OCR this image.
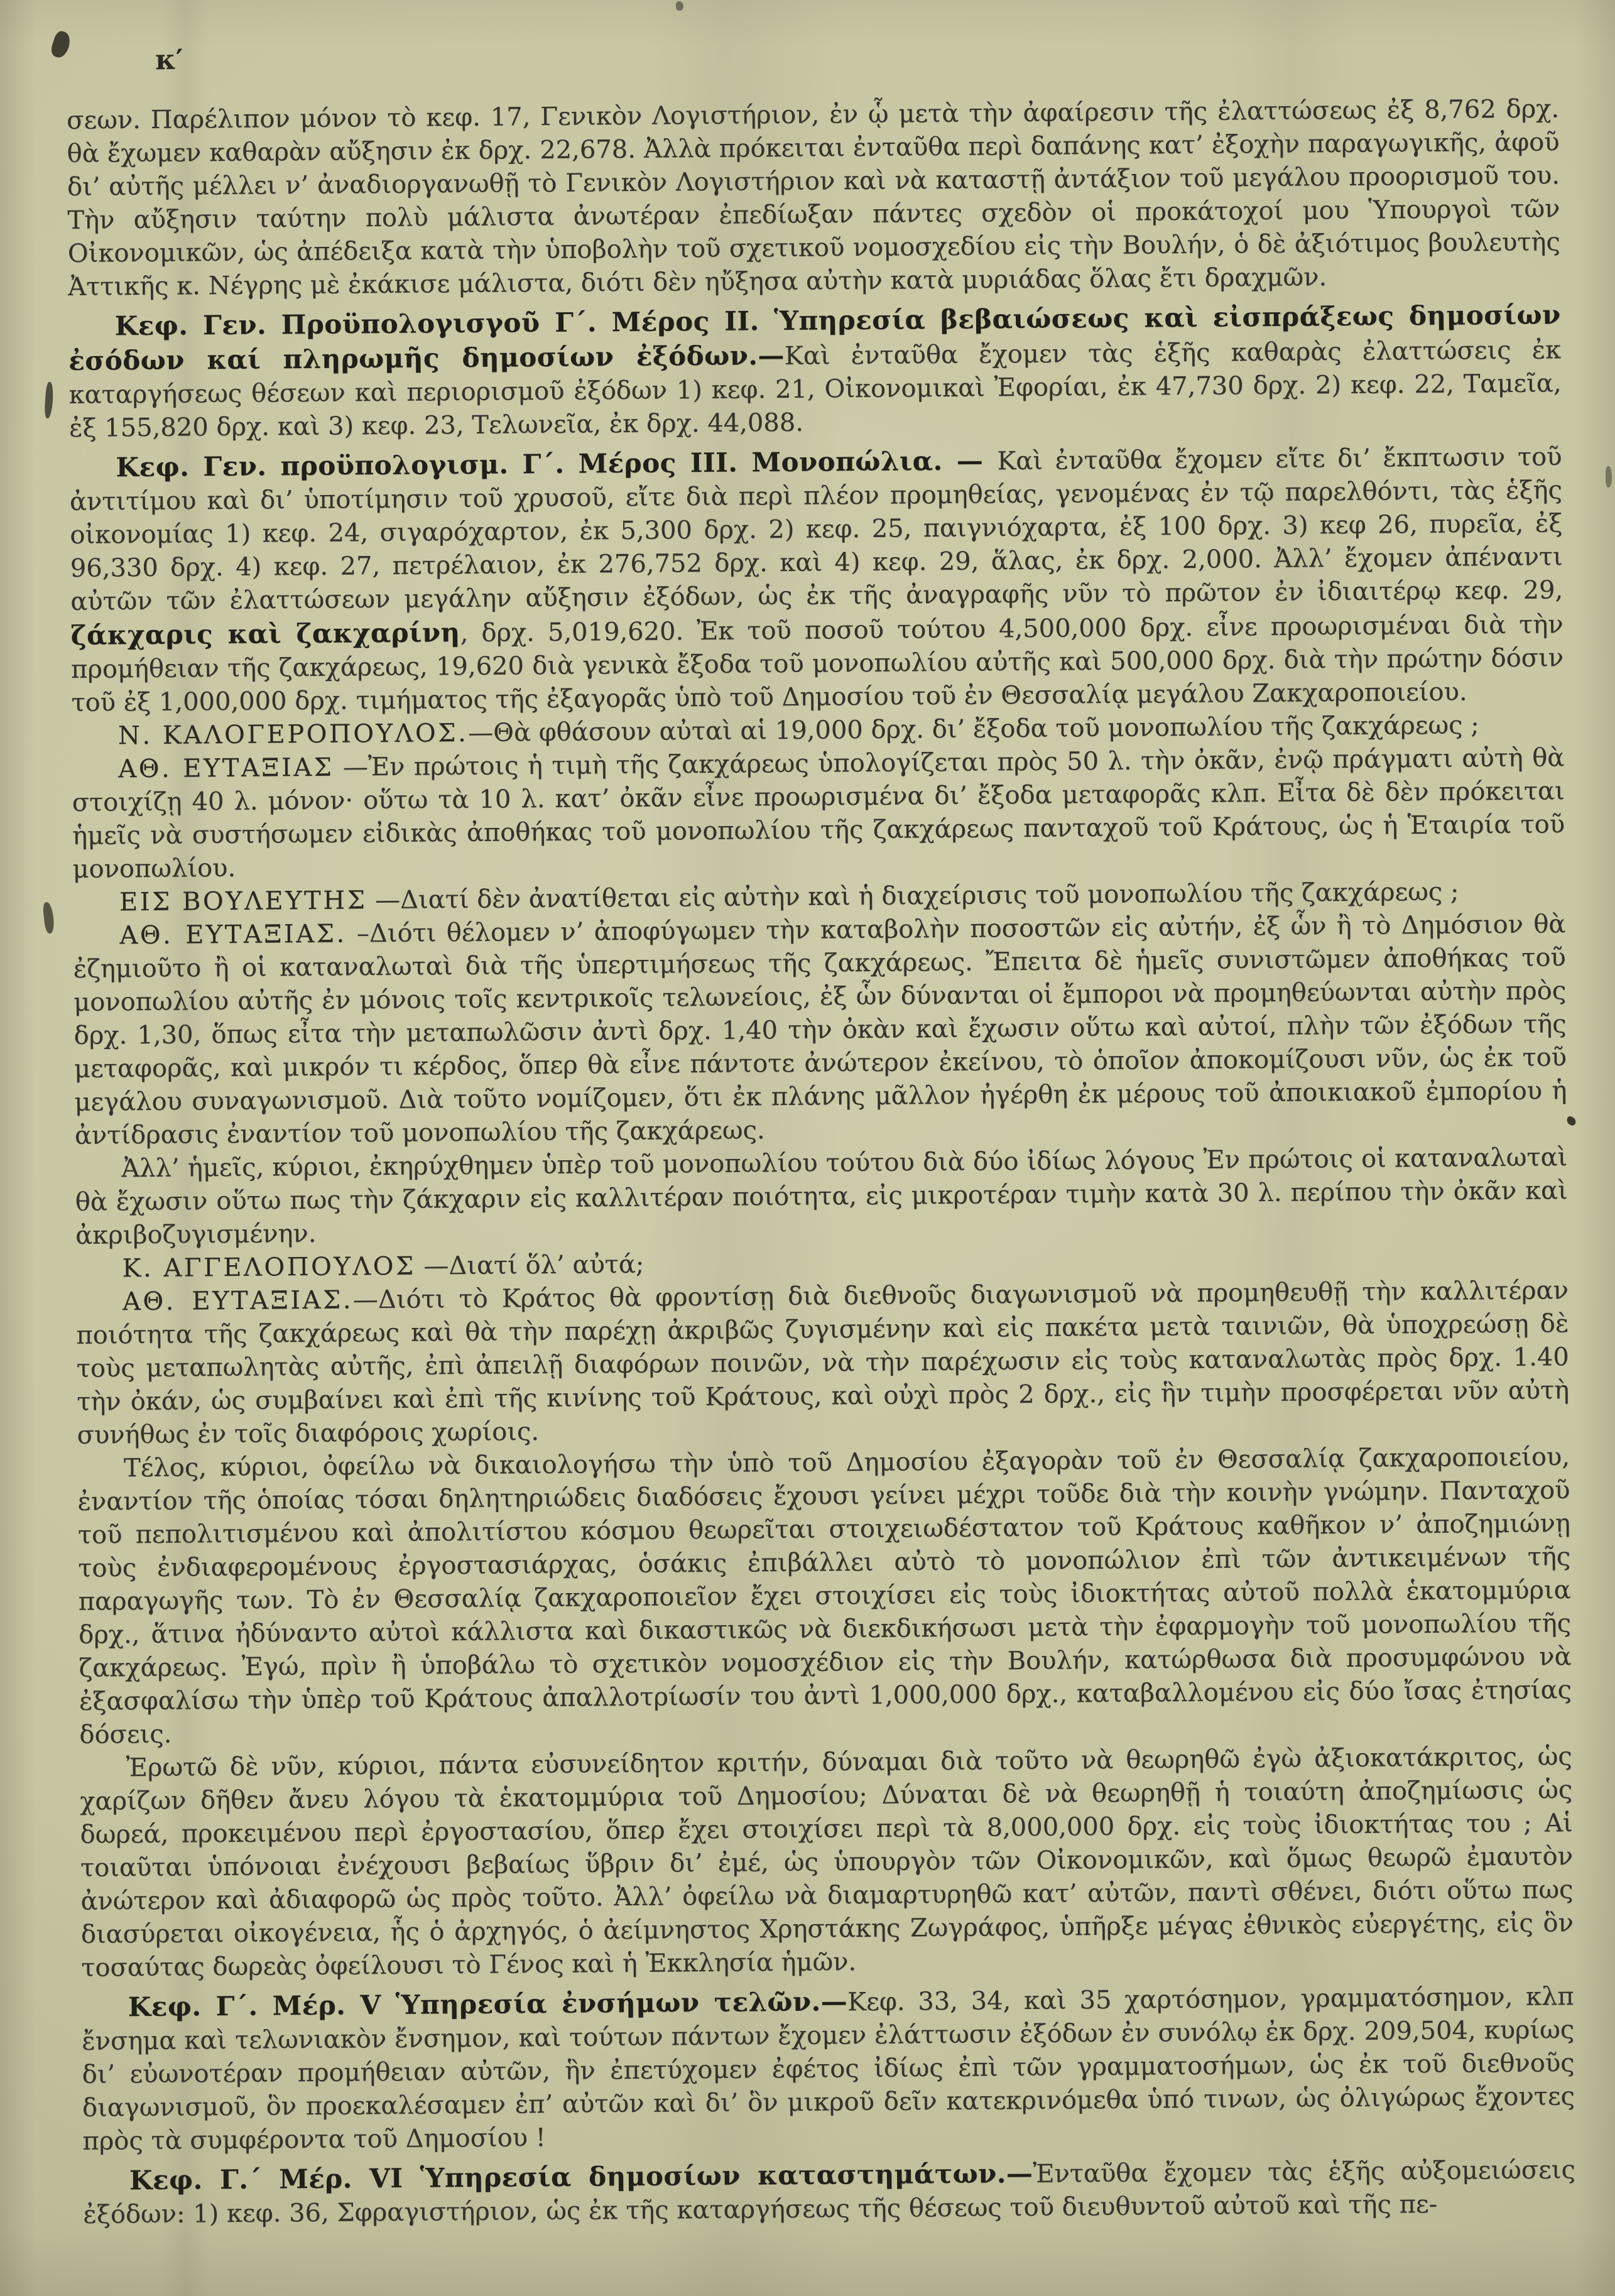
κ′

σεων. Παρέλιπον μόνον τὸ κεφ. 17, Γενικὸν Λογιστήριον, ἐν ᾧ μετὰ τὴν ἀφαίρεσιν τῆς ἐλαττώσεως ἐξ 8,762 δρχ. θὰ ἔχωμεν καθαρὰν αὔξησιν ἐκ δρχ. 22,678. Ἀλλὰ πρόκειται ἐνταῦθα περὶ δαπάνης κατ’ ἐξοχὴν παραγωγικῆς, ἀφοῦ δι’ αὐτῆς μέλλει ν’ ἀναδιοργανωθῇ τὸ Γενικὸν Λογιστήριον καὶ νὰ καταστῇ ἀντάξιον τοῦ μεγάλου προορισμοῦ του. Τὴν αὔξησιν ταύτην πολὺ μάλιστα ἀνωτέραν ἐπεδίωξαν πάντες σχεδὸν οἱ προκάτοχοί μου Ὑπουργοὶ τῶν Οἰκονομικῶν, ὡς ἀπέδειξα κατὰ τὴν ὑποβολὴν τοῦ σχετικοῦ νομοσχεδίου εἰς τὴν Βουλήν, ὁ δὲ ἀξιότιμος βουλευτὴς Ἀττικῆς κ. Νέγρης μὲ ἐκάκισε μάλιστα, διότι δὲν ηὔξησα αὐτὴν κατὰ μυριάδας ὅλας ἔτι δραχμῶν.

Κεφ. Γεν. Προϋπολογισγοῦ Γ΄. Μέρος ΙΙ. Ὑπηρεσία βεβαιώσεως καὶ εἰσπράξεως δημοσίων ἐσόδων καί πληρωμῆς δημοσίων ἐξόδων.—Καὶ ἐνταῦθα ἔχομεν τὰς ἑξῆς καθαρὰς ἐλαττώσεις ἐκ καταργήσεως θέσεων καὶ περιορισμοῦ ἐξόδων 1) κεφ. 21, Οἰκονομικαὶ Ἐφορίαι, ἐκ 47,730 δρχ. 2) κεφ. 22, Ταμεῖα, ἐξ 155,820 δρχ. καὶ 3) κεφ. 23, Τελωνεῖα, ἐκ δρχ. 44,088.

Κεφ. Γεν. προϋπολογισμ. Γ΄. Μέρος ΙΙΙ. Μονοπώλια. — Καὶ ἐνταῦθα ἔχομεν εἴτε δι’ ἔκπτωσιν τοῦ ἀντιτίμου καὶ δι’ ὑποτίμησιν τοῦ χρυσοῦ, εἴτε διὰ περὶ πλέον προμηθείας, γενομένας ἐν τῷ παρελθόντι, τὰς ἑξῆς οἰκονομίας 1) κεφ. 24, σιγαρόχαρτον, ἐκ 5,300 δρχ. 2) κεφ. 25, παιγνιόχαρτα, ἐξ 100 δρχ. 3) κεφ 26, πυρεῖα, ἐξ 96,330 δρχ. 4) κεφ. 27, πετρέλαιον, ἐκ 276,752 δρχ. καὶ 4) κεφ. 29, ἅλας, ἐκ δρχ. 2,000. Ἀλλ’ ἔχομεν ἀπέναντι αὐτῶν τῶν ἐλαττώσεων μεγάλην αὔξησιν ἐξόδων, ὡς ἐκ τῆς ἀναγραφῆς νῦν τὸ πρῶτον ἐν ἰδιαιτέρῳ κεφ. 29, ζάκχαρις καὶ ζακχαρίνη, δρχ. 5,019,620. Ἐκ τοῦ ποσοῦ τούτου 4,500,000 δρχ. εἶνε προωρισμέναι διὰ τὴν προμήθειαν τῆς ζακχάρεως, 19,620 διὰ γενικὰ ἔξοδα τοῦ μονοπωλίου αὐτῆς καὶ 500,000 δρχ. διὰ τὴν πρώτην δόσιν τοῦ ἐξ 1,000,000 δρχ. τιμήματος τῆς ἐξαγορᾶς ὑπὸ τοῦ Δημοσίου τοῦ ἐν Θεσσαλίᾳ μεγάλου Ζακχαροποιείου.

Ν. ΚΑΛΟΓΕΡΟΠΟΥΛΟΣ.—Θὰ φθάσουν αὐταὶ αἱ 19,000 δρχ. δι’ ἔξοδα τοῦ μονοπωλίου τῆς ζακχάρεως ;

ΑΘ. ΕΥΤΑΞΙΑΣ —Ἐν πρώτοις ἡ τιμὴ τῆς ζακχάρεως ὑπολογίζεται πρὸς 50 λ. τὴν ὀκᾶν, ἐνῷ πράγματι αὐτὴ θὰ στοιχίζῃ 40 λ. μόνον· οὕτω τὰ 10 λ. κατ’ ὀκᾶν εἶνε προωρισμένα δι’ ἔξοδα μεταφορᾶς κλπ. Εἶτα δὲ δὲν πρόκειται ἡμεῖς νὰ συστήσωμεν εἰδικὰς ἀποθήκας τοῦ μονοπωλίου τῆς ζακχάρεως πανταχοῦ τοῦ Κράτους, ὡς ἡ Ἑταιρία τοῦ μονοπωλίου.

ΕΙΣ ΒΟΥΛΕΥΤΗΣ —Διατί δὲν ἀνατίθεται εἰς αὐτὴν καὶ ἡ διαχείρισις τοῦ μονοπωλίου τῆς ζακχάρεως ;

ΑΘ. ΕΥΤΑΞΙΑΣ. –Διότι θέλομεν ν’ ἀποφύγωμεν τὴν καταβολὴν ποσοστῶν εἰς αὐτήν, ἐξ ὧν ἢ τὸ Δημόσιον θὰ ἐζημιοῦτο ἢ οἱ καταναλωταὶ διὰ τῆς ὑπερτιμήσεως τῆς ζακχάρεως. Ἔπειτα δὲ ἡμεῖς συνιστῶμεν ἀποθήκας τοῦ μονοπωλίου αὐτῆς ἐν μόνοις τοῖς κεντρικοῖς τελωνείοις, ἐξ ὧν δύνανται οἱ ἔμποροι νὰ προμηθεύωνται αὐτὴν πρὸς δρχ. 1,30, ὅπως εἶτα τὴν μεταπωλῶσιν ἀντὶ δρχ. 1,40 τὴν ὀκὰν καὶ ἔχωσιν οὕτω καὶ αὐτοί, πλὴν τῶν ἐξόδων τῆς μεταφορᾶς, καὶ μικρόν τι κέρδος, ὅπερ θὰ εἶνε πάντοτε ἀνώτερον ἐκείνου, τὸ ὁποῖον ἀποκομίζουσι νῦν, ὡς ἐκ τοῦ μεγάλου συναγωνισμοῦ. Διὰ τοῦτο νομίζομεν, ὅτι ἐκ πλάνης μᾶλλον ἠγέρθη ἐκ μέρους τοῦ ἀποικιακοῦ ἐμπορίου ἡ ἀντίδρασις ἐναντίον τοῦ μονοπωλίου τῆς ζακχάρεως.

Ἀλλ’ ἡμεῖς, κύριοι, ἐκηρύχθημεν ὑπὲρ τοῦ μονοπωλίου τούτου διὰ δύο ἰδίως λόγους Ἐν πρώτοις οἱ καταναλωταὶ θὰ ἔχωσιν οὕτω πως τὴν ζάκχαριν εἰς καλλιτέραν ποιότητα, εἰς μικροτέραν τιμὴν κατὰ 30 λ. περίπου τὴν ὀκᾶν καὶ ἀκριβοζυγισμένην.

Κ. ΑΓΓΕΛΟΠΟΥΛΟΣ —Διατί ὅλ’ αὐτά;

ΑΘ. ΕΥΤΑΞΙΑΣ.—Διότι τὸ Κράτος θὰ φροντίσῃ διὰ διεθνοῦς διαγωνισμοῦ νὰ προμηθευθῇ τὴν καλλιτέραν ποιότητα τῆς ζακχάρεως καὶ θὰ τὴν παρέχῃ ἀκριβῶς ζυγισμένην καὶ εἰς πακέτα μετὰ ταινιῶν, θὰ ὑποχρεώσῃ δὲ τοὺς μεταπωλητὰς αὐτῆς, ἐπὶ ἀπειλῇ διαφόρων ποινῶν, νὰ τὴν παρέχωσιν εἰς τοὺς καταναλωτὰς πρὸς δρχ. 1.40 τὴν ὀκάν, ὡς συμβαίνει καὶ ἐπὶ τῆς κινίνης τοῦ Κράτους, καὶ οὐχὶ πρὸς 2 δρχ., εἰς ἣν τιμὴν προσφέρεται νῦν αὐτὴ συνήθως ἐν τοῖς διαφόροις χωρίοις.

Τέλος, κύριοι, ὀφείλω νὰ δικαιολογήσω τὴν ὑπὸ τοῦ Δημοσίου ἐξαγορὰν τοῦ ἐν Θεσσαλίᾳ ζακχαροποιείου, ἐναντίον τῆς ὁποίας τόσαι δηλητηριώδεις διαδόσεις ἔχουσι γείνει μέχρι τοῦδε διὰ τὴν κοινὴν γνώμην. Πανταχοῦ τοῦ πεπολιτισμένου καὶ ἀπολιτίστου κόσμου θεωρεῖται στοιχειωδέστατον τοῦ Κράτους καθῆκον ν’ ἀποζημιώνῃ τοὺς ἐνδιαφερομένους ἐργοστασιάρχας, ὁσάκις ἐπιβάλλει αὐτὸ τὸ μονοπώλιον ἐπὶ τῶν ἀντικειμένων τῆς παραγωγῆς των. Τὸ ἐν Θεσσαλίᾳ ζακχαροποιεῖον ἔχει στοιχίσει εἰς τοὺς ἰδιοκτήτας αὐτοῦ πολλὰ ἑκατομμύρια δρχ., ἅτινα ἠδύναντο αὐτοὶ κάλλιστα καὶ δικαστικῶς νὰ διεκδικήσωσι μετὰ τὴν ἐφαρμογὴν τοῦ μονοπωλίου τῆς ζακχάρεως. Ἐγώ, πρὶν ἢ ὑποβάλω τὸ σχετικὸν νομοσχέδιον εἰς τὴν Βουλήν, κατώρθωσα διὰ προσυμφώνου νὰ ἐξασφαλίσω τὴν ὑπὲρ τοῦ Κράτους ἀπαλλοτρίωσίν του ἀντὶ 1,000,000 δρχ., καταβαλλομένου εἰς δύο ἴσας ἐτησίας δόσεις.

Ἐρωτῶ δὲ νῦν, κύριοι, πάντα εὐσυνείδητον κριτήν, δύναμαι διὰ τοῦτο νὰ θεωρηθῶ ἐγὼ ἀξιοκατάκριτος, ὡς χαρίζων δῆθεν ἄνευ λόγου τὰ ἑκατομμύρια τοῦ Δημοσίου; Δύναται δὲ νὰ θεωρηθῇ ἡ τοιαύτη ἀποζημίωσις ὡς δωρεά, προκειμένου περὶ ἐργοστασίου, ὅπερ ἔχει στοιχίσει περὶ τὰ 8,000,000 δρχ. εἰς τοὺς ἰδιοκτήτας του ; Αἱ τοιαῦται ὑπόνοιαι ἐνέχουσι βεβαίως ὕβριν δι’ ἐμέ, ὡς ὑπουργὸν τῶν Οἰκονομικῶν, καὶ ὅμως θεωρῶ ἐμαυτὸν ἀνώτερον καὶ ἀδιαφορῶ ὡς πρὸς τοῦτο. Ἀλλ’ ὀφείλω νὰ διαμαρτυρηθῶ κατ’ αὐτῶν, παντὶ σθένει, διότι οὕτω πως διασύρεται οἰκογένεια, ἧς ὁ ἀρχηγός, ὁ ἀείμνηστος Χρηστάκης Ζωγράφος, ὑπῆρξε μέγας ἐθνικὸς εὐεργέτης, εἰς ὃν τοσαύτας δωρεὰς ὀφείλουσι τὸ Γένος καὶ ἡ Ἐκκλησία ἡμῶν.

Κεφ. Γ΄. Μέρ. V Ὑπηρεσία ἐνσήμων τελῶν.—Κεφ. 33, 34, καὶ 35 χαρτόσημον, γραμματόσημον, κλπ ἔνσημα καὶ τελωνιακὸν ἔνσημον, καὶ τούτων πάντων ἔχομεν ἐλάττωσιν ἐξόδων ἐν συνόλῳ ἐκ δρχ. 209,504, κυρίως δι’ εὐωνοτέραν προμήθειαν αὐτῶν, ἣν ἐπετύχομεν ἐφέτος ἰδίως ἐπὶ τῶν γραμματοσήμων, ὡς ἐκ τοῦ διεθνοῦς διαγωνισμοῦ, ὃν προεκαλέσαμεν ἐπ’ αὐτῶν καὶ δι’ ὃν μικροῦ δεῖν κατεκρινόμεθα ὑπό τινων, ὡς ὀλιγώρως ἔχοντες πρὸς τὰ συμφέροντα τοῦ Δημοσίου !

Κεφ. Γ.΄ Μέρ. VI Ὑπηρεσία δημοσίων καταστημάτων.—Ἐνταῦθα ἔχομεν τὰς ἑξῆς αὐξομειώσεις ἐξόδων: 1) κεφ. 36, Σφραγιστήριον, ὡς ἐκ τῆς καταργήσεως τῆς θέσεως τοῦ διευθυντοῦ αὐτοῦ καὶ τῆς πε-
